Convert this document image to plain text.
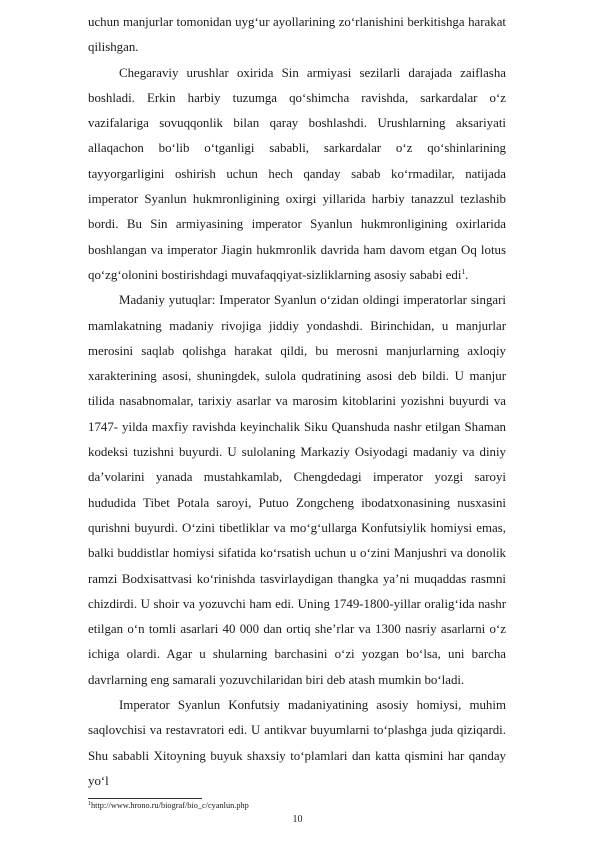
uchun manjurlar tomonidan uyg‘ur ayollarining zo‘rlanishini berkitishga harakat qilishgan.

Chegaraviy urushlar oxirida Sin armiyasi sezilarli darajada zaiflasha boshladi. Erkin harbiy tuzumga qo‘shimcha ravishda, sarkardalar o‘z vazifalariga sovuqqonlik bilan qaray boshlashdi. Urushlarning aksariyati allaqachon bo‘lib o‘tganligi sababli, sarkardalar o‘z qo‘shinlarining tayyorgarligini oshirish uchun hech qanday sabab ko‘rmadilar, natijada imperator Syanlun hukmronligining oxirgi yillarida harbiy tanazzul tezlashib bordi. Bu Sin armiyasining imperator Syanlun hukmronligining oxirlarida boshlangan va imperator Jiagin hukmronlik davrida ham davom etgan Oq lotus qo‘zg‘olonini bostirishdagi muvafaqqiyat-sizliklarning asosiy sababi edi$^1$.

Madaniy yutuqlar: Imperator Syanlun o‘zidan oldingi imperatorlar singari mamlakatning madaniy rivojiga jiddiy yondashdi. Birinchidan, u manjurlar merosini saqlab qolishga harakat qildi, bu merosni manjurlarning axloqiy xarakterining asosi, shuningdek, sulola qudratining asosi deb bildi. U manjur tilida nasabnomalar, tarixiy asarlar va marosim kitoblarini yozishni buyurdi va 1747- yilda maxfiy ravishda keyinchalik Siku Quanshuda nashr etilgan Shaman kodeksi tuzishni buyurdi. U sulolaning Markaziy Osiyodagi madaniy va diniy da’volarini yanada mustahkamlab, Chengdedagi imperator yozgi saroyi hududida Tibet Potala saroyi, Putuo Zongcheng ibodatxonasining nusxasini qurishni buyurdi. O‘zini tibetliklar va mo‘g‘ullarga Konfutsiylik homiysi emas, balki buddistlar homiysi sifatida ko‘rsatish uchun u o‘zini Manjushri va donolik ramzi Bodxisattvasi ko‘rinishda tasvirlaydigan thangka ya’ni muqaddas rasmni chizdirdi. U shoir va yozuvchi ham edi. Uning 1749-1800-yillar oralig‘ida nashr etilgan o‘n tomli asarlari 40 000 dan ortiq she’rlar va 1300 nasriy asarlarni o‘z ichiga olardi. Agar u shularning barchasini o‘zi yozgan bo‘lsa, uni barcha davrlarning eng samarali yozuvchilaridan biri deb atash mumkin bo‘ladi.

Imperator Syanlun Konfutsiy madaniyatining asosiy homiysi, muhim saqlovchisi va restavratori edi. U antikvar buyumlarni to‘plashga juda qiziqardi. Shu sababli Xitoyning buyuk shaxsiy to‘plamlari dan katta qismini har qanday yo‘l

$^1$http://www.hrono.ru/biograf/bio_c/cyanlun.php
10
